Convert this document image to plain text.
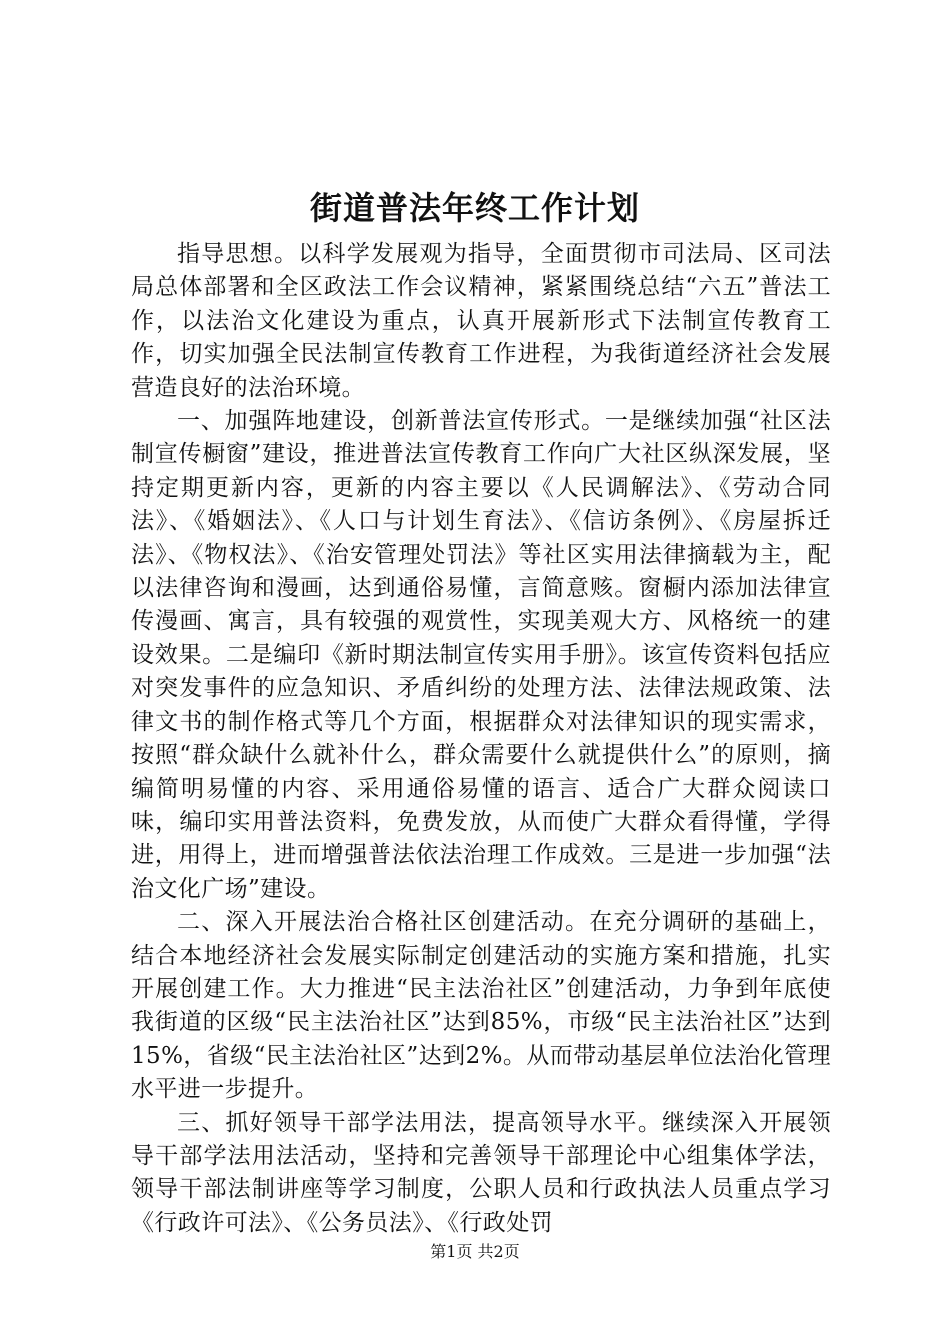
街道普法年终工作计划

指导思想。以科学发展观为指导，全面贯彻市司法局、区司法局总体部署和全区政法工作会议精神，紧紧围绕总结“六五”普法工作，以法治文化建设为重点，认真开展新形式下法制宣传教育工作，切实加强全民法制宣传教育工作进程，为我街道经济社会发展营造良好的法治环境。

一、加强阵地建设，创新普法宣传形式。一是继续加强“社区法制宣传橱窗”建设，推进普法宣传教育工作向广大社区纵深发展，坚持定期更新内容，更新的内容主要以《人民调解法》、《劳动合同法》、《婚姻法》、《人口与计划生育法》、《信访条例》、《房屋拆迁法》、《物权法》、《治安管理处罚法》等社区实用法律摘载为主，配以法律咨询和漫画，达到通俗易懂，言简意赅。窗橱内添加法律宣传漫画、寓言，具有较强的观赏性，实现美观大方、风格统一的建设效果。二是编印《新时期法制宣传实用手册》。该宣传资料包括应对突发事件的应急知识、矛盾纠纷的处理方法、法律法规政策、法律文书的制作格式等几个方面，根据群众对法律知识的现实需求，按照“群众缺什么就补什么，群众需要什么就提供什么”的原则，摘编简明易懂的内容、采用通俗易懂的语言、适合广大群众阅读口味，编印实用普法资料，免费发放，从而使广大群众看得懂，学得进，用得上，进而增强普法依法治理工作成效。三是进一步加强“法治文化广场”建设。

二、深入开展法治合格社区创建活动。在充分调研的基础上，结合本地经济社会发展实际制定创建活动的实施方案和措施，扎实开展创建工作。大力推进“民主法治社区”创建活动，力争到年底使我街道的区级“民主法治社区”达到85%，市级“民主法治社区”达到15%，省级“民主法治社区”达到2%。从而带动基层单位法治化管理水平进一步提升。

三、抓好领导干部学法用法，提高领导水平。继续深入开展领导干部学法用法活动，坚持和完善领导干部理论中心组集体学法，领导干部法制讲座等学习制度，公职人员和行政执法人员重点学习《行政许可法》、《公务员法》、《行政处罚

第1页 共2页
